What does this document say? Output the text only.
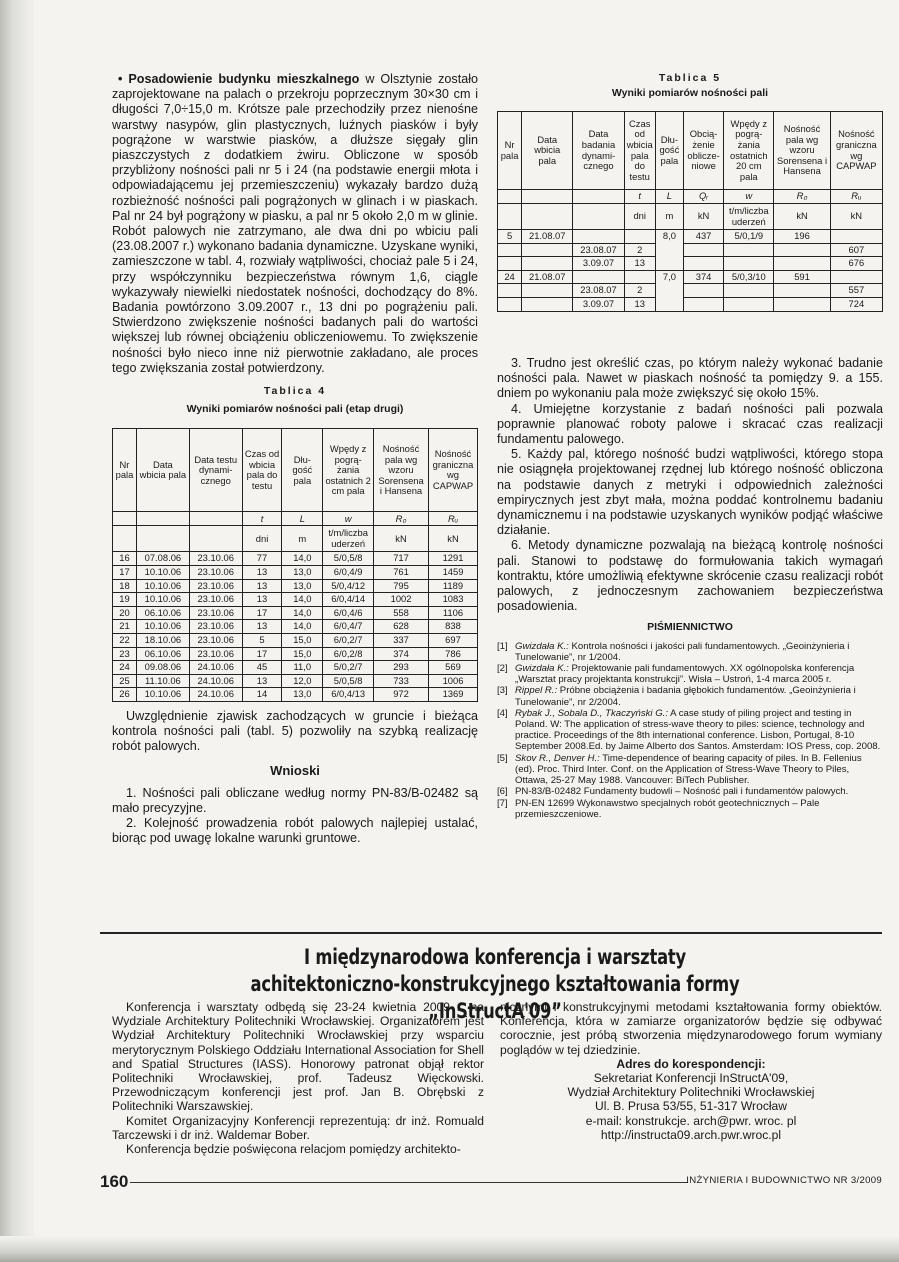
• Posadowienie budynku mieszkalnego w Olsztynie zostało zaprojektowane na palach o przekroju poprzecznym 30×30 cm i długości 7,0÷15,0 m. Krótsze pale przechodziły przez nienośne warstwy nasypów, glin plastycznych, luźnych piasków i były pogrążone w warstwie piasków, a dłuższe sięgały glin piaszczystych z dodatkiem żwiru. Obliczone w sposób przybliżony nośności pali nr 5 i 24 (na podstawie energii młota i odpowiadającemu jej przemieszczeniu) wykazały bardzo dużą rozbieżność nośności pali pogrążonych w glinach i w piaskach. Pal nr 24 był pogrążony w piasku, a pal nr 5 około 2,0 m w glinie. Robót palowych nie zatrzymano, ale dwa dni po wbiciu pali (23.08.2007 r.) wykonano badania dynamiczne. Uzyskane wyniki, zamieszczone w tabl. 4, rozwiały wątpliwości, chociaż pale 5 i 24, przy współczynniku bezpieczeństwa równym 1,6, ciągle wykazywały niewielki niedostatek nośności, dochodzący do 8%. Badania powtórzono 3.09.2007 r., 13 dni po pogrążeniu pali. Stwierdzono zwiększenie nośności badanych pali do wartości większej lub równej obciążeniu obliczeniowemu. To zwiększenie nośności było nieco inne niż pierwotnie zakładano, ale proces tego zwiększania został potwierdzony.

Tablica 4
Wyniki pomiarów nośności pali (etap drugi)
Nr pala	Data wbicia pala	Data testu dynami- cznego	Czas od wbicia pala do testu	Dłu- gość pala	Wpędy z pogrą- żania ostatnich 2 cm pala	Nośność pala wg wzoru Sorensena i Hansena	Nośność graniczna wg CAPWAP
			t	L	w	R₀	Rᵤ
			dni	m	t/m/liczba uderzeń	kN	kN
16	07.08.06	23.10.06	77	14,0	5/0,5/8	717	1291
17	10.10.06	23.10.06	13	13,0	6/0,4/9	761	1459
18	10.10.06	23.10.06	13	13,0	5/0,4/12	795	1189
19	10.10.06	23.10.06	13	14,0	6/0,4/14	1002	1083
20	06.10.06	23.10.06	17	14,0	6/0,4/6	558	1106
21	10.10.06	23.10.06	13	14,0	6/0,4/7	628	838
22	18.10.06	23.10.06	5	15,0	6/0,2/7	337	697
23	06.10.06	23.10.06	17	15,0	6/0,2/8	374	786
24	09.08.06	24.10.06	45	11,0	5/0,2/7	293	569
25	11.10.06	24.10.06	13	12,0	5/0,5/8	733	1006
26	10.10.06	24.10.06	14	13,0	6/0,4/13	972	1369

Uwzględnienie zjawisk zachodzących w gruncie i bieżąca kontrola nośności pali (tabl. 5) pozwoliły na szybką realizację robót palowych.

Wnioski

1. Nośności pali obliczane według normy PN-83/B-02482 są mało precyzyjne.

2. Kolejność prowadzenia robót palowych najlepiej ustalać, biorąc pod uwagę lokalne warunki gruntowe.

Tablica 5
Wyniki pomiarów nośności pali
Nr pala	Data wbicia pala	Data badania dynami- cznego	Czas od wbicia pala do testu	Dłu- gość pala	Obcią- żenie oblicze- niowe	Wpędy z pogrą- żania ostatnich 20 cm pala	Nośność pala wg wzoru Sorensena i Hansena	Nośność graniczna wg CAPWAP
			t	L	Qᵣ	w	R₀	Rᵤ
			dni	m	kN	t/m/liczba uderzeń	kN	kN
5	21.08.07			8,0	437	5/0,1/9	196	
		23.08.07	2					607
		3.09.07	13					676
24	21.08.07			7,0	374	5/0,3/10	591	
		23.08.07	2					557
		3.09.07	13					724

3. Trudno jest określić czas, po którym należy wykonać badanie nośności pala. Nawet w piaskach nośność ta pomiędzy 9. a 155. dniem po wykonaniu pala może zwiększyć się około 15%.

4. Umiejętne korzystanie z badań nośności pali pozwala poprawnie planować roboty palowe i skracać czas realizacji fundamentu palowego.

5. Każdy pal, którego nośność budzi wątpliwości, którego stopa nie osiągnęła projektowanej rzędnej lub którego nośność obliczona na podstawie danych z metryki i odpowiednich zależności empirycznych jest zbyt mała, można poddać kontrolnemu badaniu dynamicznemu i na podstawie uzyskanych wyników podjąć właściwe działanie.

6. Metody dynamiczne pozwalają na bieżącą kontrolę nośności pali. Stanowi to podstawę do formułowania takich wymagań kontraktu, które umożliwią efektywne skrócenie czasu realizacji robót palowych, z jednoczesnym zachowaniem bezpieczeństwa posadowienia.

PIŚMIENNICTWO
[1] Gwizdała K.: Kontrola nośności i jakości pali fundamentowych. „Geoinżynieria i Tunelowanie”, nr 1/2004.
[2] Gwizdała K.: Projektowanie pali fundamentowych. XX ogólnopolska konferencja „Warsztat pracy projektanta konstrukcji”. Wisła – Ustroń, 1-4 marca 2005 r.
[3] Rippel R.: Próbne obciążenia i badania głębokich fundamentów. „Geoinżynieria i Tunelowanie”, nr 2/2004.
[4] Rybak J., Sobala D., Tkaczyński G.: A case study of piling project and testing in Poland. W: The application of stress-wave theory to piles: science, technology and practice. Proceedings of the 8th international conference. Lisbon, Portugal, 8-10 September 2008.Ed. by Jaime Alberto dos Santos. Amsterdam: IOS Press, cop. 2008.
[5] Skov R., Denver H.: Time-dependence of bearing capacity of piles. In B. Fellenius (ed). Proc. Third Inter. Conf. on the Application of Stress-Wave Theory to Piles, Ottawa, 25-27 May 1988. Vancouver: BiTech Publisher.
[6] PN-83/B-02482 Fundamenty budowli – Nośność pali i fundamentów palowych.
[7] PN-EN 12699 Wykonawstwo specjalnych robót geotechnicznych – Pale przemieszczeniowe.
I międzynarodowa konferencja i warsztaty
achitektoniczno-konstrukcyjnego kształtowania formy „InStructA'09”

Konferencja i warsztaty odbędą się 23-24 kwietnia 2009 r. na Wydziale Architektury Politechniki Wrocławskiej. Organizatorem jest Wydział Architektury Politechniki Wrocławskiej przy wsparciu merytorycznym Polskiego Oddziału International Association for Shell and Spatial Structures (IASS). Honorowy patronat objął rektor Politechniki Wrocławskiej, prof. Tadeusz Więckowski. Przewodniczącym konferencji jest prof. Jan B. Obrębski z Politechniki Warszawskiej.

Komitet Organizacyjny Konferencji reprezentują: dr inż. Romuald Tarczewski i dr inż. Waldemar Bober.

Konferencja będzie poświęcona relacjom pomiędzy architekto-

nicznymi i konstrukcyjnymi metodami kształtowania formy obiektów. Konferencja, która w zamiarze organizatorów będzie się odbywać corocznie, jest próbą stworzenia międzynarodowego forum wymiany poglądów w tej dziedzinie.

Adres do korespondencji:
Sekretariat Konferencji InStructA'09,
Wydział Architektury Politechniki Wrocławskiej
Ul. B. Prusa 53/55, 51-317 Wrocław
e-mail: konstrukcje. arch@pwr. wroc. pl
http://instructa09.arch.pwr.wroc.pl
160	INŻYNIERIA I BUDOWNICTWO NR 3/2009
